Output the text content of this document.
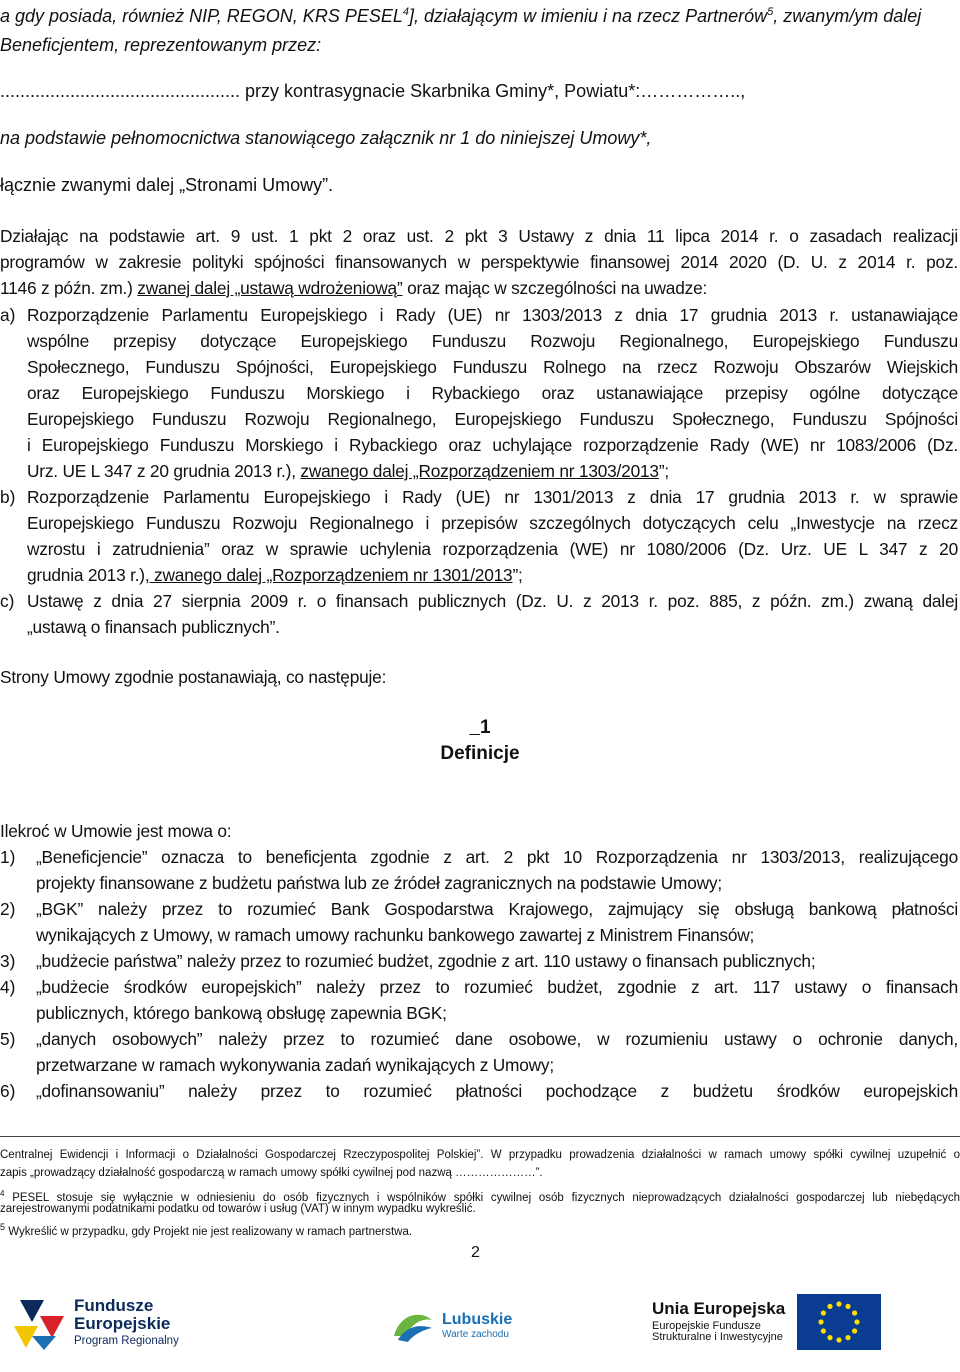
a gdy posiada, również NIP, REGON, KRS PESEL$^4$], działającym w imieniu i na rzecz Partnerów$^5$, zwanym/ym dalej
Beneficjentem, reprezentowanym przez:
................................................ przy kontrasygnacie Skarbnika Gminy*, Powiatu*:……………..,
na podstawie pełnomocnictwa stanowiącego załącznik nr 1 do niniejszej Umowy*,
łącznie zwanymi dalej „Stronami Umowy”.
Działając na podstawie art. 9 ust. 1 pkt 2 oraz ust. 2 pkt 3 Ustawy z dnia 11 lipca 2014 r. o zasadach realizacji
programów w zakresie polityki spójności finansowanych w perspektywie finansowej 2014 2020 (D. U. z 2014 r. poz.
1146 z późn. zm.) zwanej dalej „ustawą wdrożeniową” oraz mając w szczególności na uwadze:
a) Rozporządzenie Parlamentu Europejskiego i Rady (UE) nr 1303/2013 z dnia 17 grudnia 2013 r. ustanawiające
wspólne przepisy dotyczące Europejskiego Funduszu Rozwoju Regionalnego, Europejskiego Funduszu
Społecznego, Funduszu Spójności, Europejskiego Funduszu Rolnego na rzecz Rozwoju Obszarów Wiejskich
oraz Europejskiego Funduszu Morskiego i Rybackiego oraz ustanawiające przepisy ogólne dotyczące
Europejskiego Funduszu Rozwoju Regionalnego, Europejskiego Funduszu Społecznego, Funduszu Spójności
i Europejskiego Funduszu Morskiego i Rybackiego oraz uchylające rozporządzenie Rady (WE) nr 1083/2006 (Dz.
Urz. UE L 347 z 20 grudnia 2013 r.), zwanego dalej „Rozporządzeniem nr 1303/2013”;
b) Rozporządzenie Parlamentu Europejskiego i Rady (UE) nr 1301/2013 z dnia 17 grudnia 2013 r. w sprawie
Europejskiego Funduszu Rozwoju Regionalnego i przepisów szczególnych dotyczących celu „Inwestycje na rzecz
wzrostu i zatrudnienia” oraz w sprawie uchylenia rozporządzenia (WE) nr 1080/2006 (Dz. Urz. UE L 347 z 20
grudnia 2013 r.), zwanego dalej „Rozporządzeniem nr 1301/2013”;
c) Ustawę z dnia 27 sierpnia 2009 r. o finansach publicznych (Dz. U. z 2013 r. poz. 885, z późn. zm.) zwaną dalej
„ustawą o finansach publicznych”.
Strony Umowy zgodnie postanawiają, co następuje:
1
Definicje
Ilekroć w Umowie jest mowa o:
1) „Beneficjencie” oznacza to beneficjenta zgodnie z art. 2 pkt 10 Rozporządzenia nr 1303/2013, realizującego
projekty finansowane z budżetu państwa lub ze źródeł zagranicznych na podstawie Umowy;
2) „BGK” należy przez to rozumieć Bank Gospodarstwa Krajowego, zajmujący się obsługą bankową płatności
wynikających z Umowy, w ramach umowy rachunku bankowego zawartej z Ministrem Finansów;
3) „budżecie państwa” należy przez to rozumieć budżet, zgodnie z art. 110 ustawy o finansach publicznych;
4) „budżecie środków europejskich” należy przez to rozumieć budżet, zgodnie z art. 117 ustawy o finansach
publicznych, którego bankową obsługę zapewnia BGK;
5) „danych osobowych” należy przez to rozumieć dane osobowe, w rozumieniu ustawy o ochronie danych,
przetwarzane w ramach wykonywania zadań wynikających z Umowy;
6) „dofinansowaniu” należy przez to rozumieć płatności pochodzące z budżetu środków europejskich
Centralnej Ewidencji i Informacji o Działalności Gospodarczej Rzeczypospolitej Polskiej”. W przypadku prowadzenia działalności w ramach umowy spółki cywilnej uzupełnić o
zapis „prowadzący działalność gospodarczą w ramach umowy spółki cywilnej pod nazwą …………………”.
$^4$ PESEL stosuje się wyłącznie w odniesieniu do osób fizycznych i wspólników spółki cywilnej osób fizycznych nieprowadzących działalności gospodarczej lub niebędących
zarejestrowanymi podatnikami podatku od towarów i usług (VAT) w innym wypadku wykreślić.
$^5$ Wykreślić w przypadku, gdy Projekt nie jest realizowany w ramach partnerstwa.
2
Fundusze
Europejskie
Program Regionalny
Lubuskie
Warte zachodu
Unia Europejska
Europejskie Fundusze
Strukturalne i Inwestycyjne
